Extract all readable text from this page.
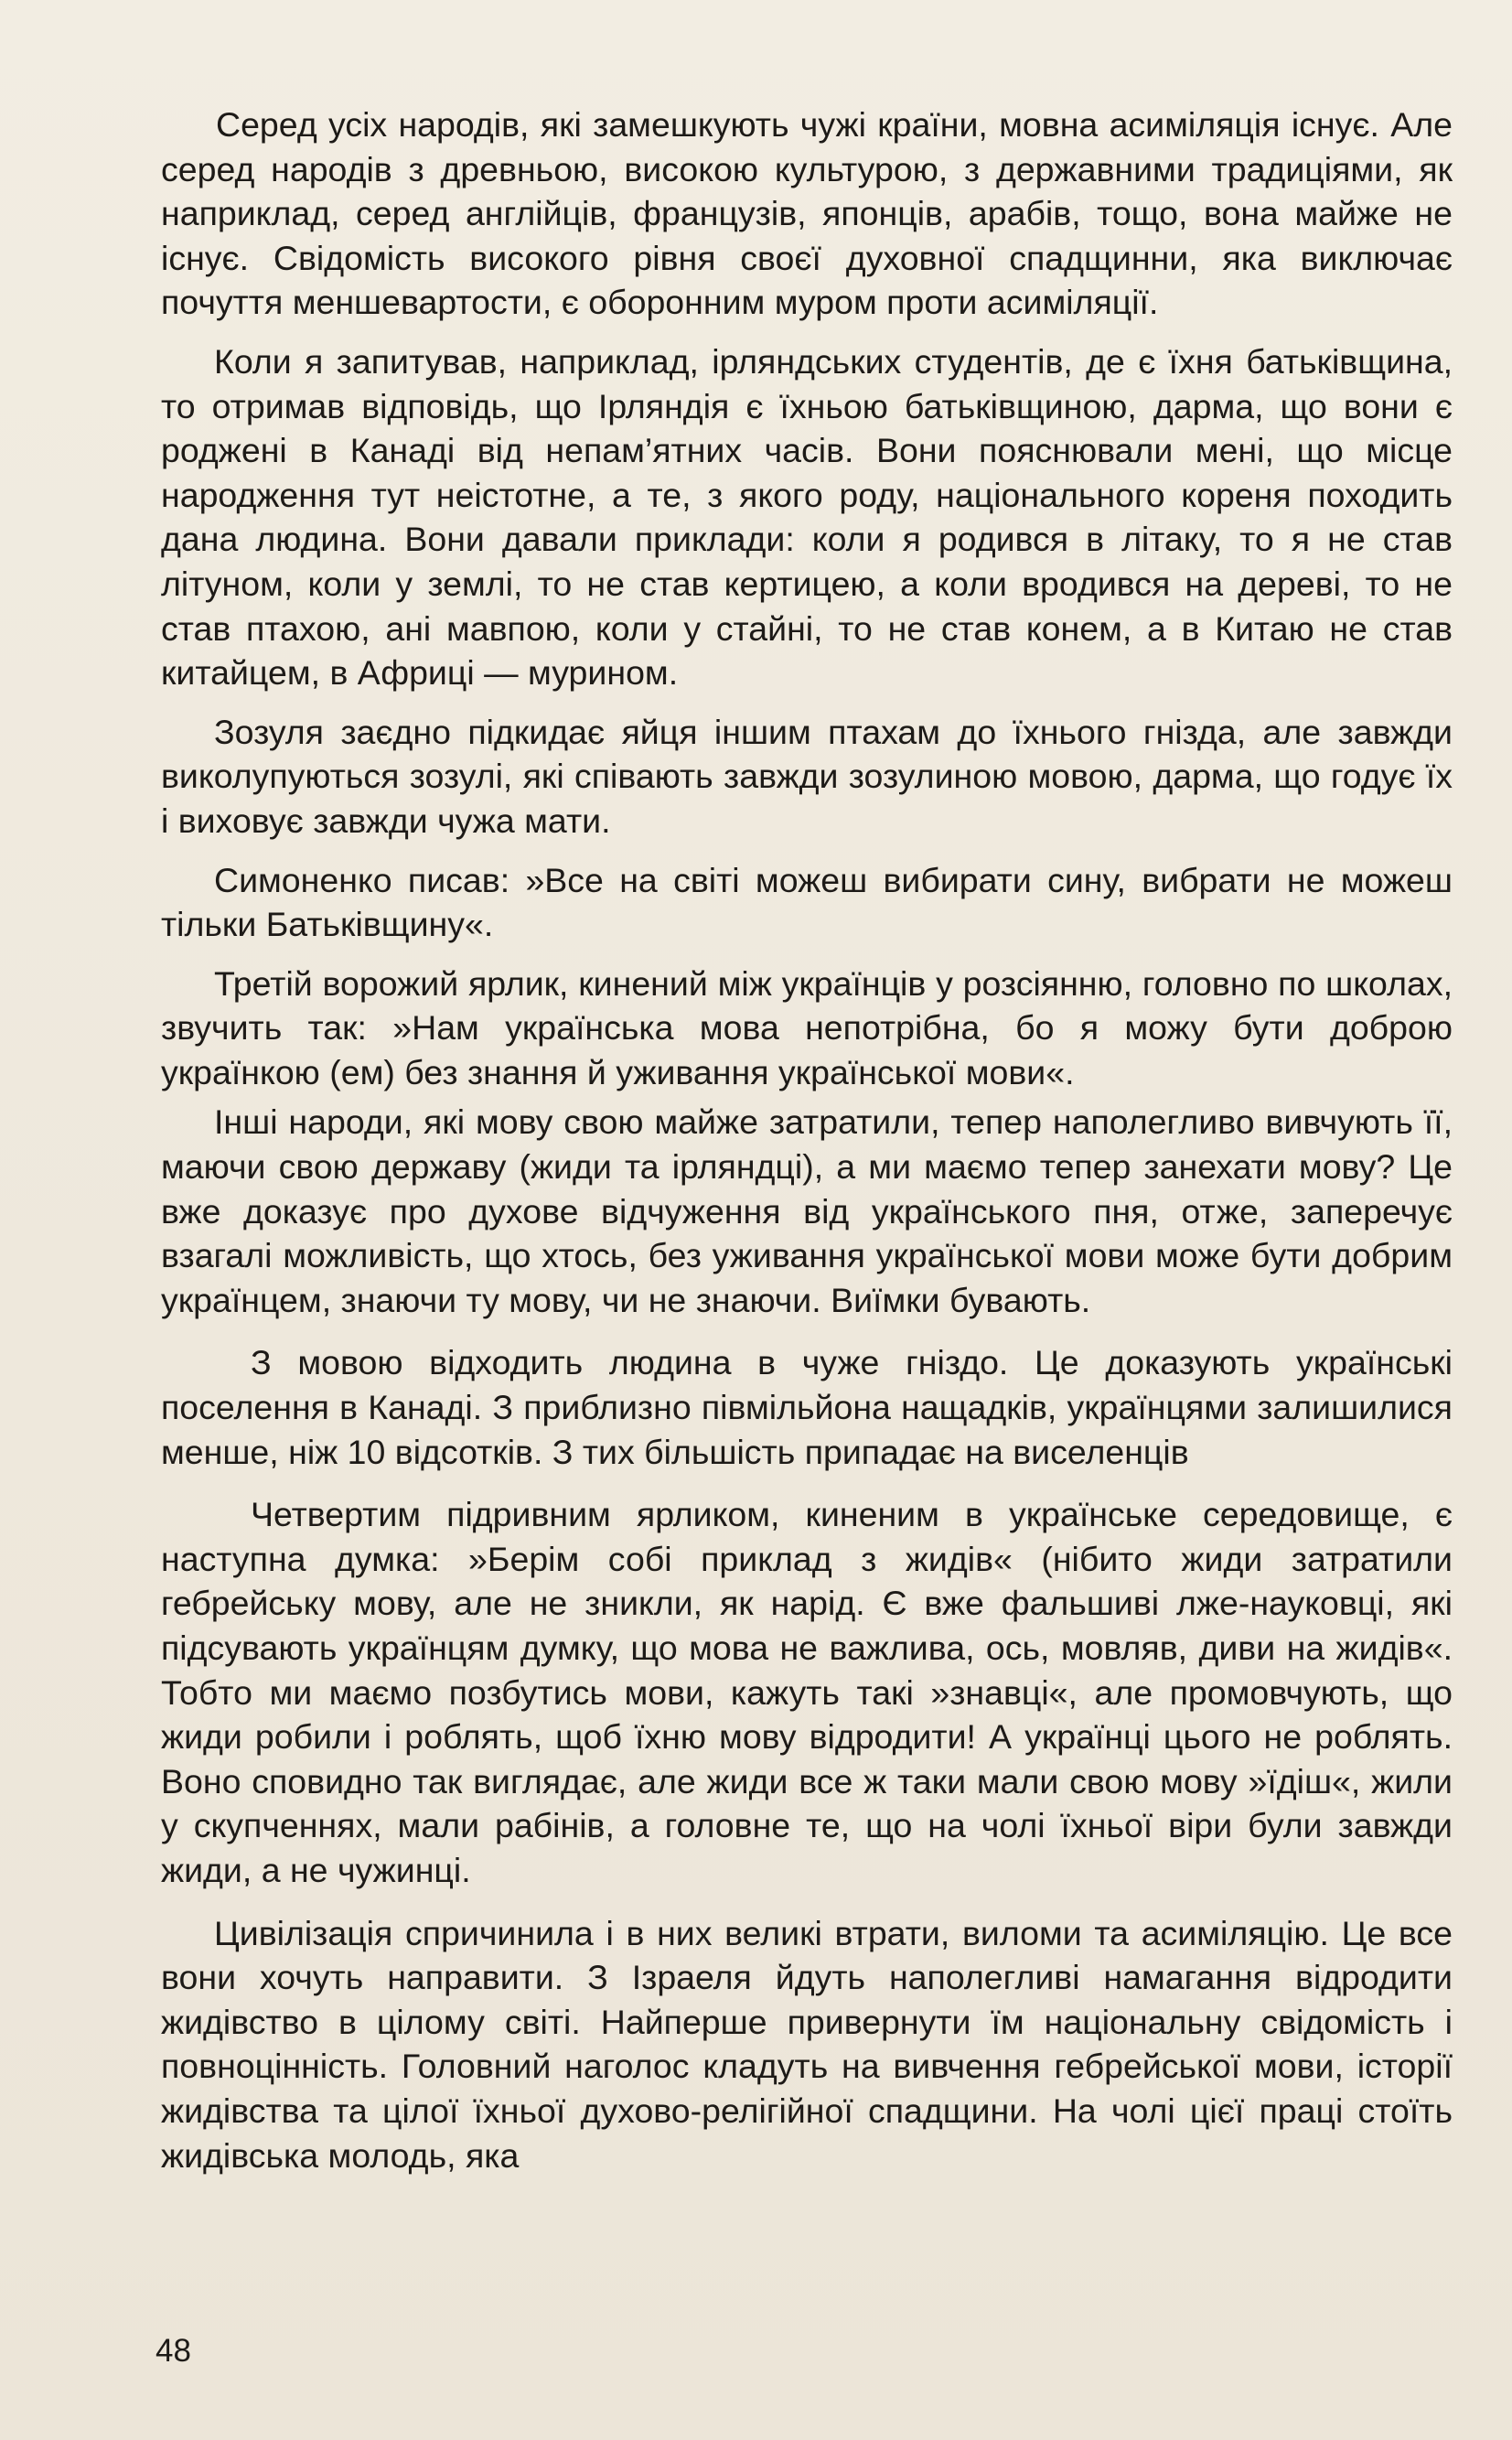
Серед усіх народів, які замешкують чужі країни, мовна асиміляція існує. Але серед народів з древньою, високою культурою, з державними традиціями, як наприклад, серед англійців, французів, японців, арабів, тощо, вона майже не існує. Свідомість високого рівня своєї духовної спадщинни, яка виключає почуття меншевартости, є оборонним муром проти асиміляції.

Коли я запитував, наприклад, ірляндських студентів, де є їхня батьківщина, то отримав відповідь, що Ірляндія є їхньою батьківщиною, дарма, що вони є роджені в Канаді від непам’ятних часів. Вони пояснювали мені, що місце народження тут неістотне, а те, з якого роду, національного кореня походить дана людина. Вони давали приклади: коли я родився в літаку, то я не став літуном, коли у землі, то не став кертицею, а коли вродився на дереві, то не став птахою, ані мавпою, коли у стайні, то не став конем, а в Китаю не став китайцем, в Африці — мурином.

Зозуля заєдно підкидає яйця іншим птахам до їхнього гнізда, але завжди виколупуються зозулі, які співають завжди зозулиною мовою, дарма, що годує їх і виховує завжди чужа мати.

Симоненко писав: »Все на світі можеш вибирати сину, вибрати не можеш тільки Батьківщину«.

Третій ворожий ярлик, кинений між українців у розсіянню, головно по школах, звучить так: »Нам українська мова непотрібна, бо я можу бути доброю українкою (ем) без знання й уживання української мови«.

Інші народи, які мову свою майже затратили, тепер наполегливо вивчують її, маючи свою державу (жиди та ірляндці), а ми маємо тепер занехати мову? Це вже доказує про духове відчуження від українського пня, отже, заперечує взагалі можливість, що хтось, без уживання української мови може бути добрим українцем, знаючи ту мову, чи не знаючи. Виїмки бувають.

З мовою відходить людина в чуже гніздо. Це доказують українські поселення в Канаді. З приблизно півмільйона нащадків, українцями залишилися менше, ніж 10 відсотків. З тих більшість припадає на виселенців

Четвертим підривним ярликом, киненим в українське середовище, є наступна думка: »Берім собі приклад з жидів« (нібито жиди затратили гебрейську мову, але не зникли, як нарід. Є вже фальшиві лже-науковці, які підсувають українцям думку, що мова не важлива, ось, мовляв, диви на жидів«. Тобто ми маємо позбутись мови, кажуть такі »знавці«, але промовчують, що жиди робили і роблять, щоб їхню мову відродити! А українці цього не роблять. Воно сповидно так виглядає, але жиди все ж таки мали свою мову »їдіш«, жили у скупченнях, мали рабінів, а головне те, що на чолі їхньої віри були завжди жиди, а не чужинці.

Цивілізація спричинила і в них великі втрати, виломи та асиміляцію. Це все вони хочуть направити. З Ізраеля йдуть наполегливі намагання відродити жидівство в цілому світі. Найперше привернути їм національну свідомість і повноцінність. Головний наголос кладуть на вивчення гебрейської мови, історії жидівства та цілої їхньої духово-релігійної спадщини. На чолі цієї праці стоїть жидівська молодь, яка

48
